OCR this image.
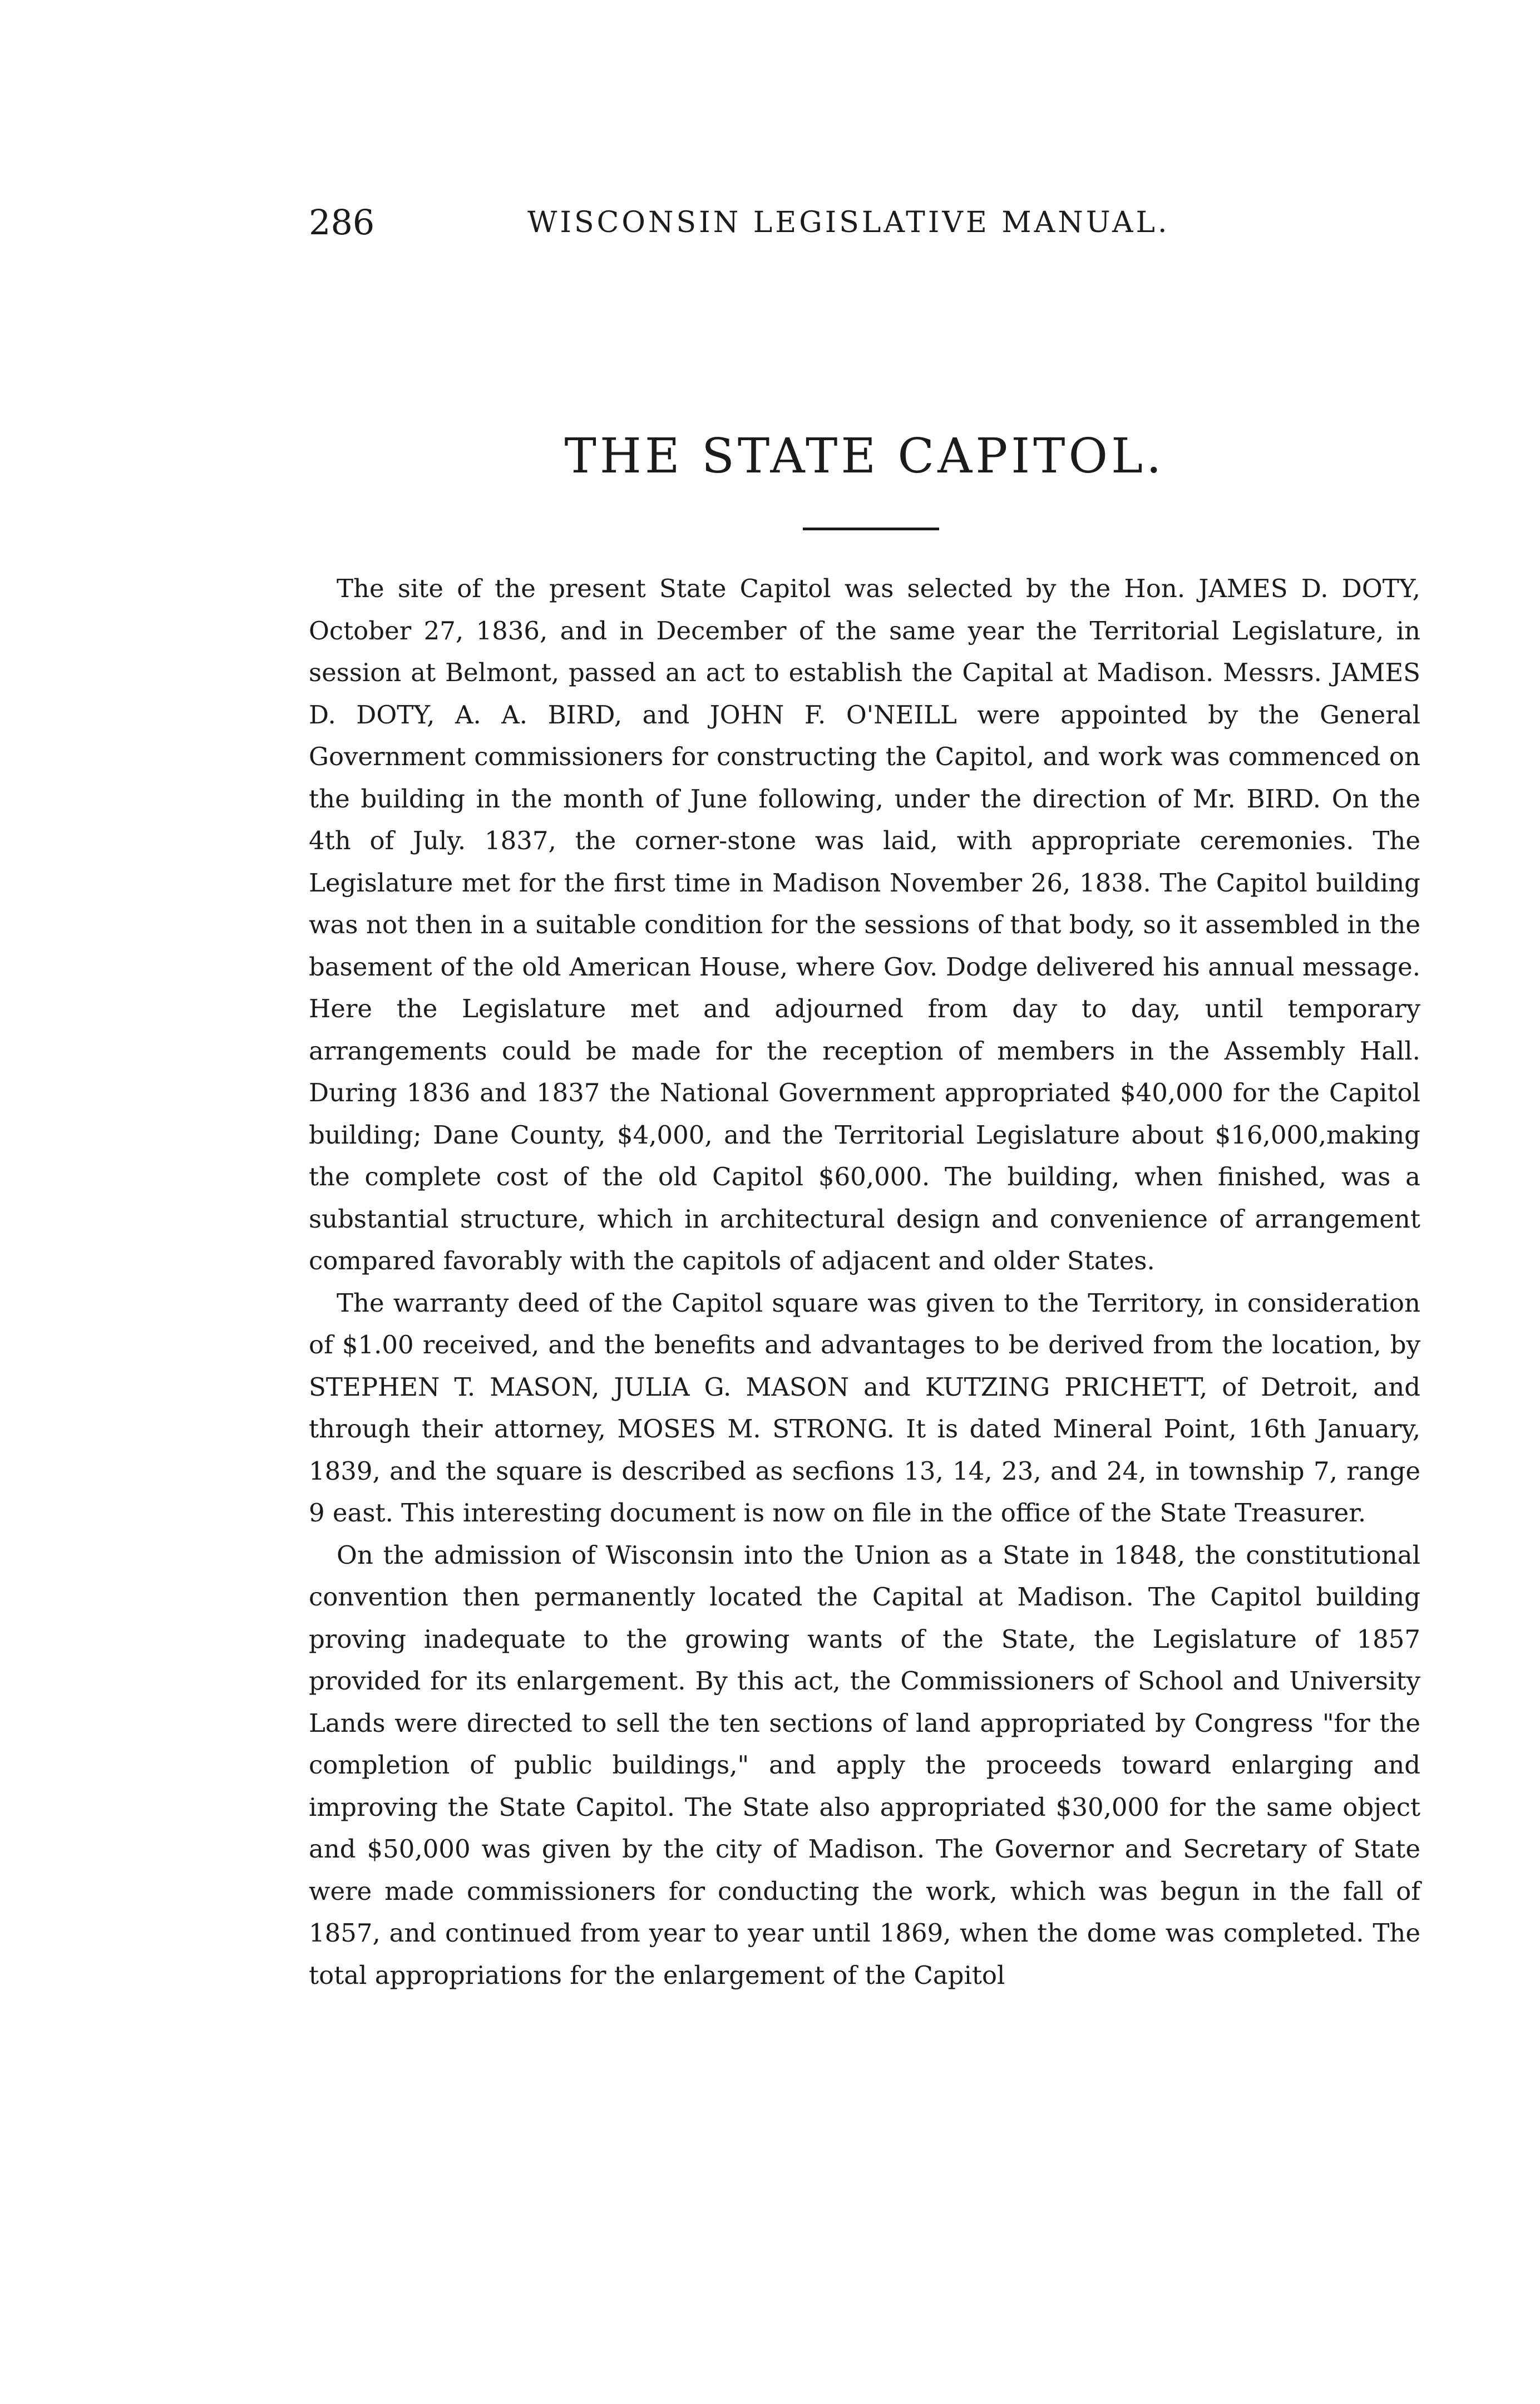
286	WISCONSIN LEGISLATIVE MANUAL.
THE STATE CAPITOL.

The site of the present State Capitol was selected by the Hon. JAMES D. DOTY, October 27, 1836, and in December of the same year the Territorial Legislature, in session at Belmont, passed an act to establish the Capital at Madison. Messrs. JAMES D. DOTY, A. A. BIRD, and JOHN F. O'NEILL were appointed by the General Government commissioners for constructing the Capitol, and work was commenced on the building in the month of June following, under the direction of Mr. BIRD. On the 4th of July. 1837, the corner-stone was laid, with appropriate ceremonies. The Legislature met for the first time in Madison November 26, 1838. The Capitol building was not then in a suitable condition for the sessions of that body, so it assembled in the basement of the old American House, where Gov. Dodge delivered his annual message. Here the Legislature met and adjourned from day to day, until temporary arrangements could be made for the reception of members in the Assembly Hall. During 1836 and 1837 the National Government appropriated $40,000 for the Capitol building; Dane County, $4,000, and the Territorial Legislature about $16,000,making the complete cost of the old Capitol $60,000. The building, when finished, was a substantial structure, which in architectural design and convenience of arrangement compared favorably with the capitols of adjacent and older States.

The warranty deed of the Capitol square was given to the Territory, in consideration of $1.00 received, and the benefits and advantages to be derived from the location, by STEPHEN T. MASON, JULIA G. MASON and KUTZING PRICHETT, of Detroit, and through their attorney, MOSES M. STRONG. It is dated Mineral Point, 16th January, 1839, and the square is described as secfions 13, 14, 23, and 24, in township 7, range 9 east. This interesting document is now on file in the office of the State Treasurer.

On the admission of Wisconsin into the Union as a State in 1848, the constitutional convention then permanently located the Capital at Madison. The Capitol building proving inadequate to the growing wants of the State, the Legislature of 1857 provided for its enlargement. By this act, the Commissioners of School and University Lands were directed to sell the ten sections of land appropriated by Congress "for the completion of public buildings," and apply the proceeds toward enlarging and improving the State Capitol. The State also appropriated $30,000 for the same object and $50,000 was given by the city of Madison. The Governor and Secretary of State were made commissioners for conducting the work, which was begun in the fall of 1857, and continued from year to year until 1869, when the dome was completed. The total appropriations for the enlargement of the Capitol
